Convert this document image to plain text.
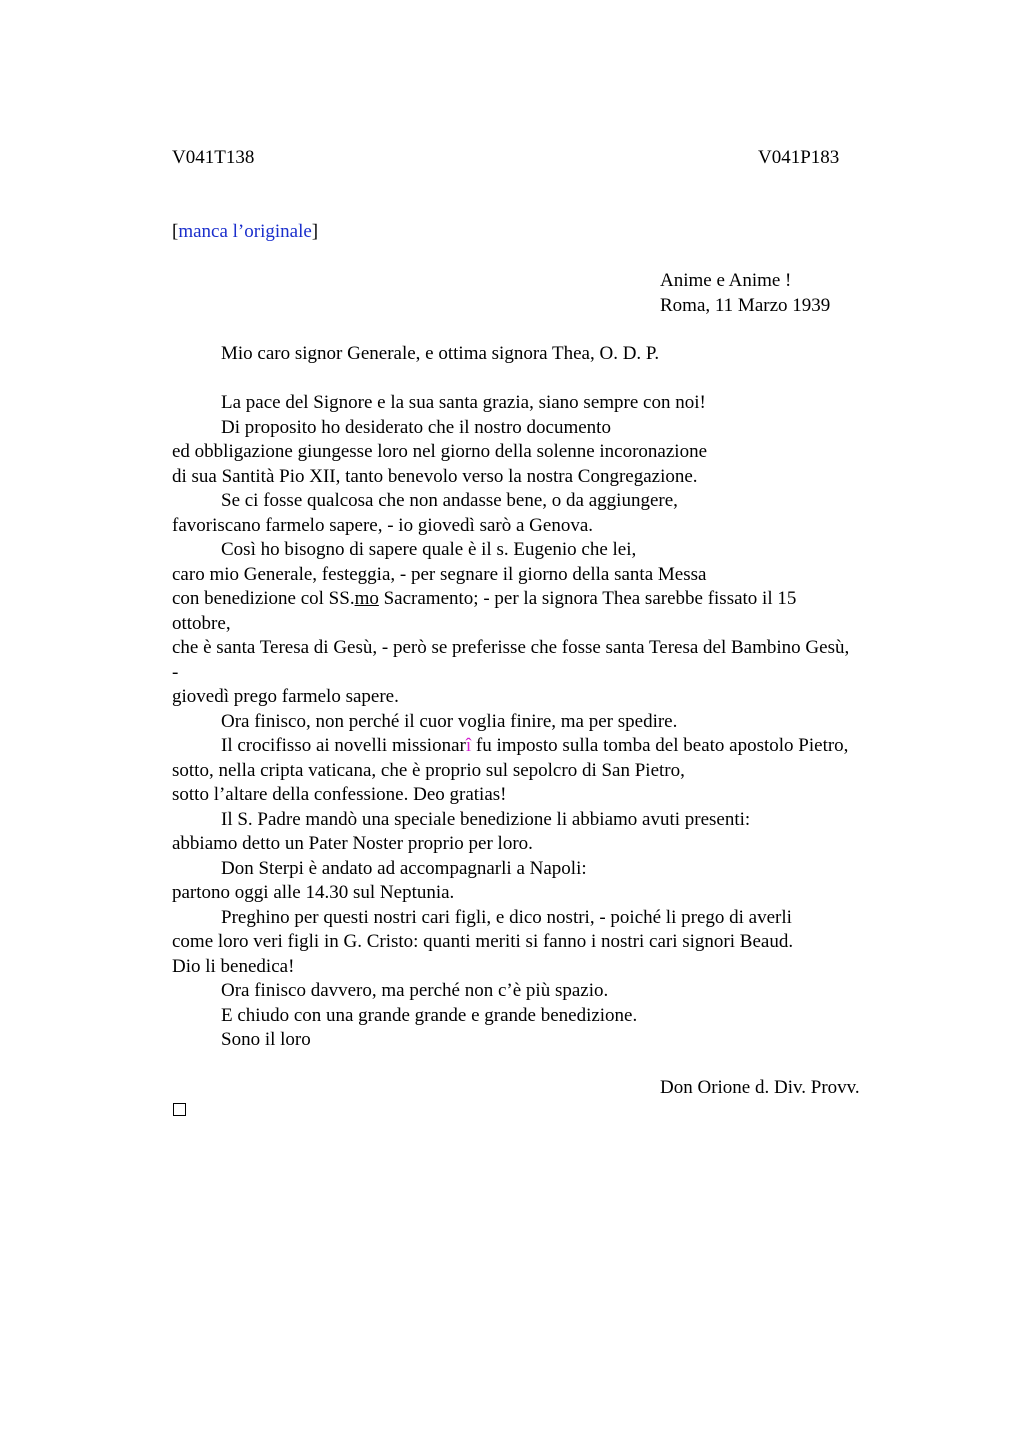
V041T138	V041P183
[manca l’originale]
Anime e Anime !
Roma, 11 Marzo 1939
Mio caro signor Generale, e ottima signora Thea, O. D. P.
La pace del Signore e la sua santa grazia, siano sempre con noi!
Di proposito ho desiderato che il nostro documento
ed obbligazione giungesse loro nel giorno della solenne incoronazione
di sua Santità Pio XII, tanto benevolo verso la nostra Congregazione.
Se ci fosse qualcosa che non andasse bene, o da aggiungere,
favoriscano farmelo sapere, - io giovedì sarò a Genova.
Così ho bisogno di sapere quale è il s. Eugenio che lei,
caro mio Generale, festeggia, - per segnare il giorno della santa Messa
con benedizione col SS.mo Sacramento; - per la signora Thea sarebbe fissato il 15
ottobre,
che è santa Teresa di Gesù, - però se preferisse che fosse santa Teresa del Bambino Gesù,
-
giovedì prego farmelo sapere.
Ora finisco, non perché il cuor voglia finire, ma per spedire.
Il crocifisso ai novelli missionarî fu imposto sulla tomba del beato apostolo Pietro,
sotto, nella cripta vaticana, che è proprio sul sepolcro di San Pietro,
sotto l’altare della confessione. Deo gratias!
Il S. Padre mandò una speciale benedizione li abbiamo avuti presenti:
abbiamo detto un Pater Noster proprio per loro.
Don Sterpi è andato ad accompagnarli a Napoli:
partono oggi alle 14.30 sul Neptunia.
Preghino per questi nostri cari figli, e dico nostri, - poiché li prego di averli
come loro veri figli in G. Cristo: quanti meriti si fanno i nostri cari signori Beaud.
Dio li benedica!
Ora finisco davvero, ma perché non c’è più spazio.
E chiudo con una grande grande e grande benedizione.
Sono il loro
Don Orione d. Div. Provv.
